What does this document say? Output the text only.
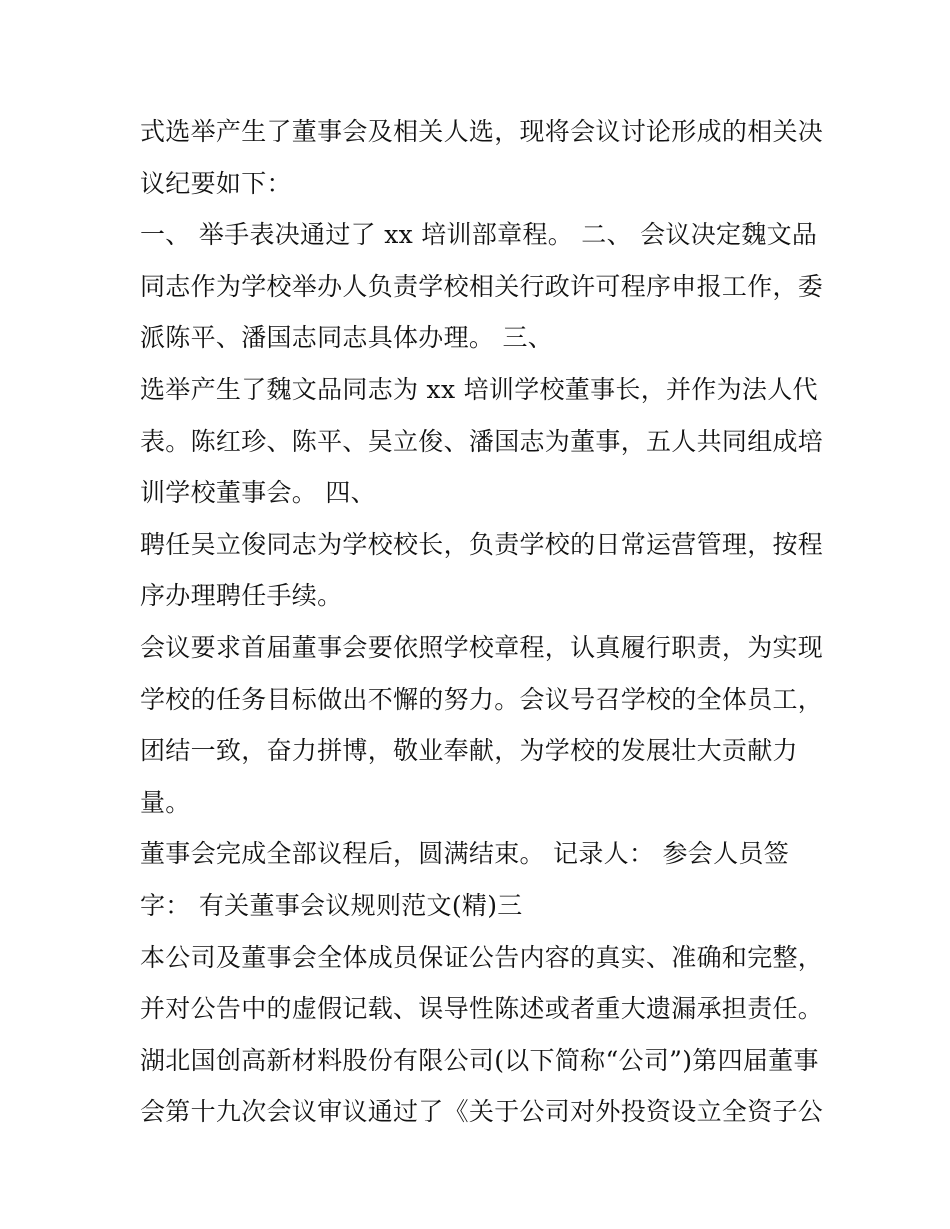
式选举产生了董事会及相关人选，现将会议讨论形成的相关决
议纪要如下：
一、 举手表决通过了 xx 培训部章程。 二、 会议决定魏文品
同志作为学校举办人负责学校相关行政许可程序申报工作，委
派陈平、潘国志同志具体办理。 三、
选举产生了魏文品同志为 xx 培训学校董事长，并作为法人代
表。陈红珍、陈平、吴立俊、潘国志为董事，五人共同组成培
训学校董事会。 四、
聘任吴立俊同志为学校校长，负责学校的日常运营管理，按程
序办理聘任手续。
会议要求首届董事会要依照学校章程，认真履行职责，为实现
学校的任务目标做出不懈的努力。会议号召学校的全体员工，
团结一致，奋力拼博，敬业奉献，为学校的发展壮大贡献力
量。
董事会完成全部议程后，圆满结束。 记录人： 参会人员签
字： 有关董事会议规则范文(精)三
本公司及董事会全体成员保证公告内容的真实、准确和完整，
并对公告中的虚假记载、误导性陈述或者重大遗漏承担责任。
湖北国创高新材料股份有限公司(以下简称“公司”)第四届董事
会第十九次会议审议通过了《关于公司对外投资设立全资子公
